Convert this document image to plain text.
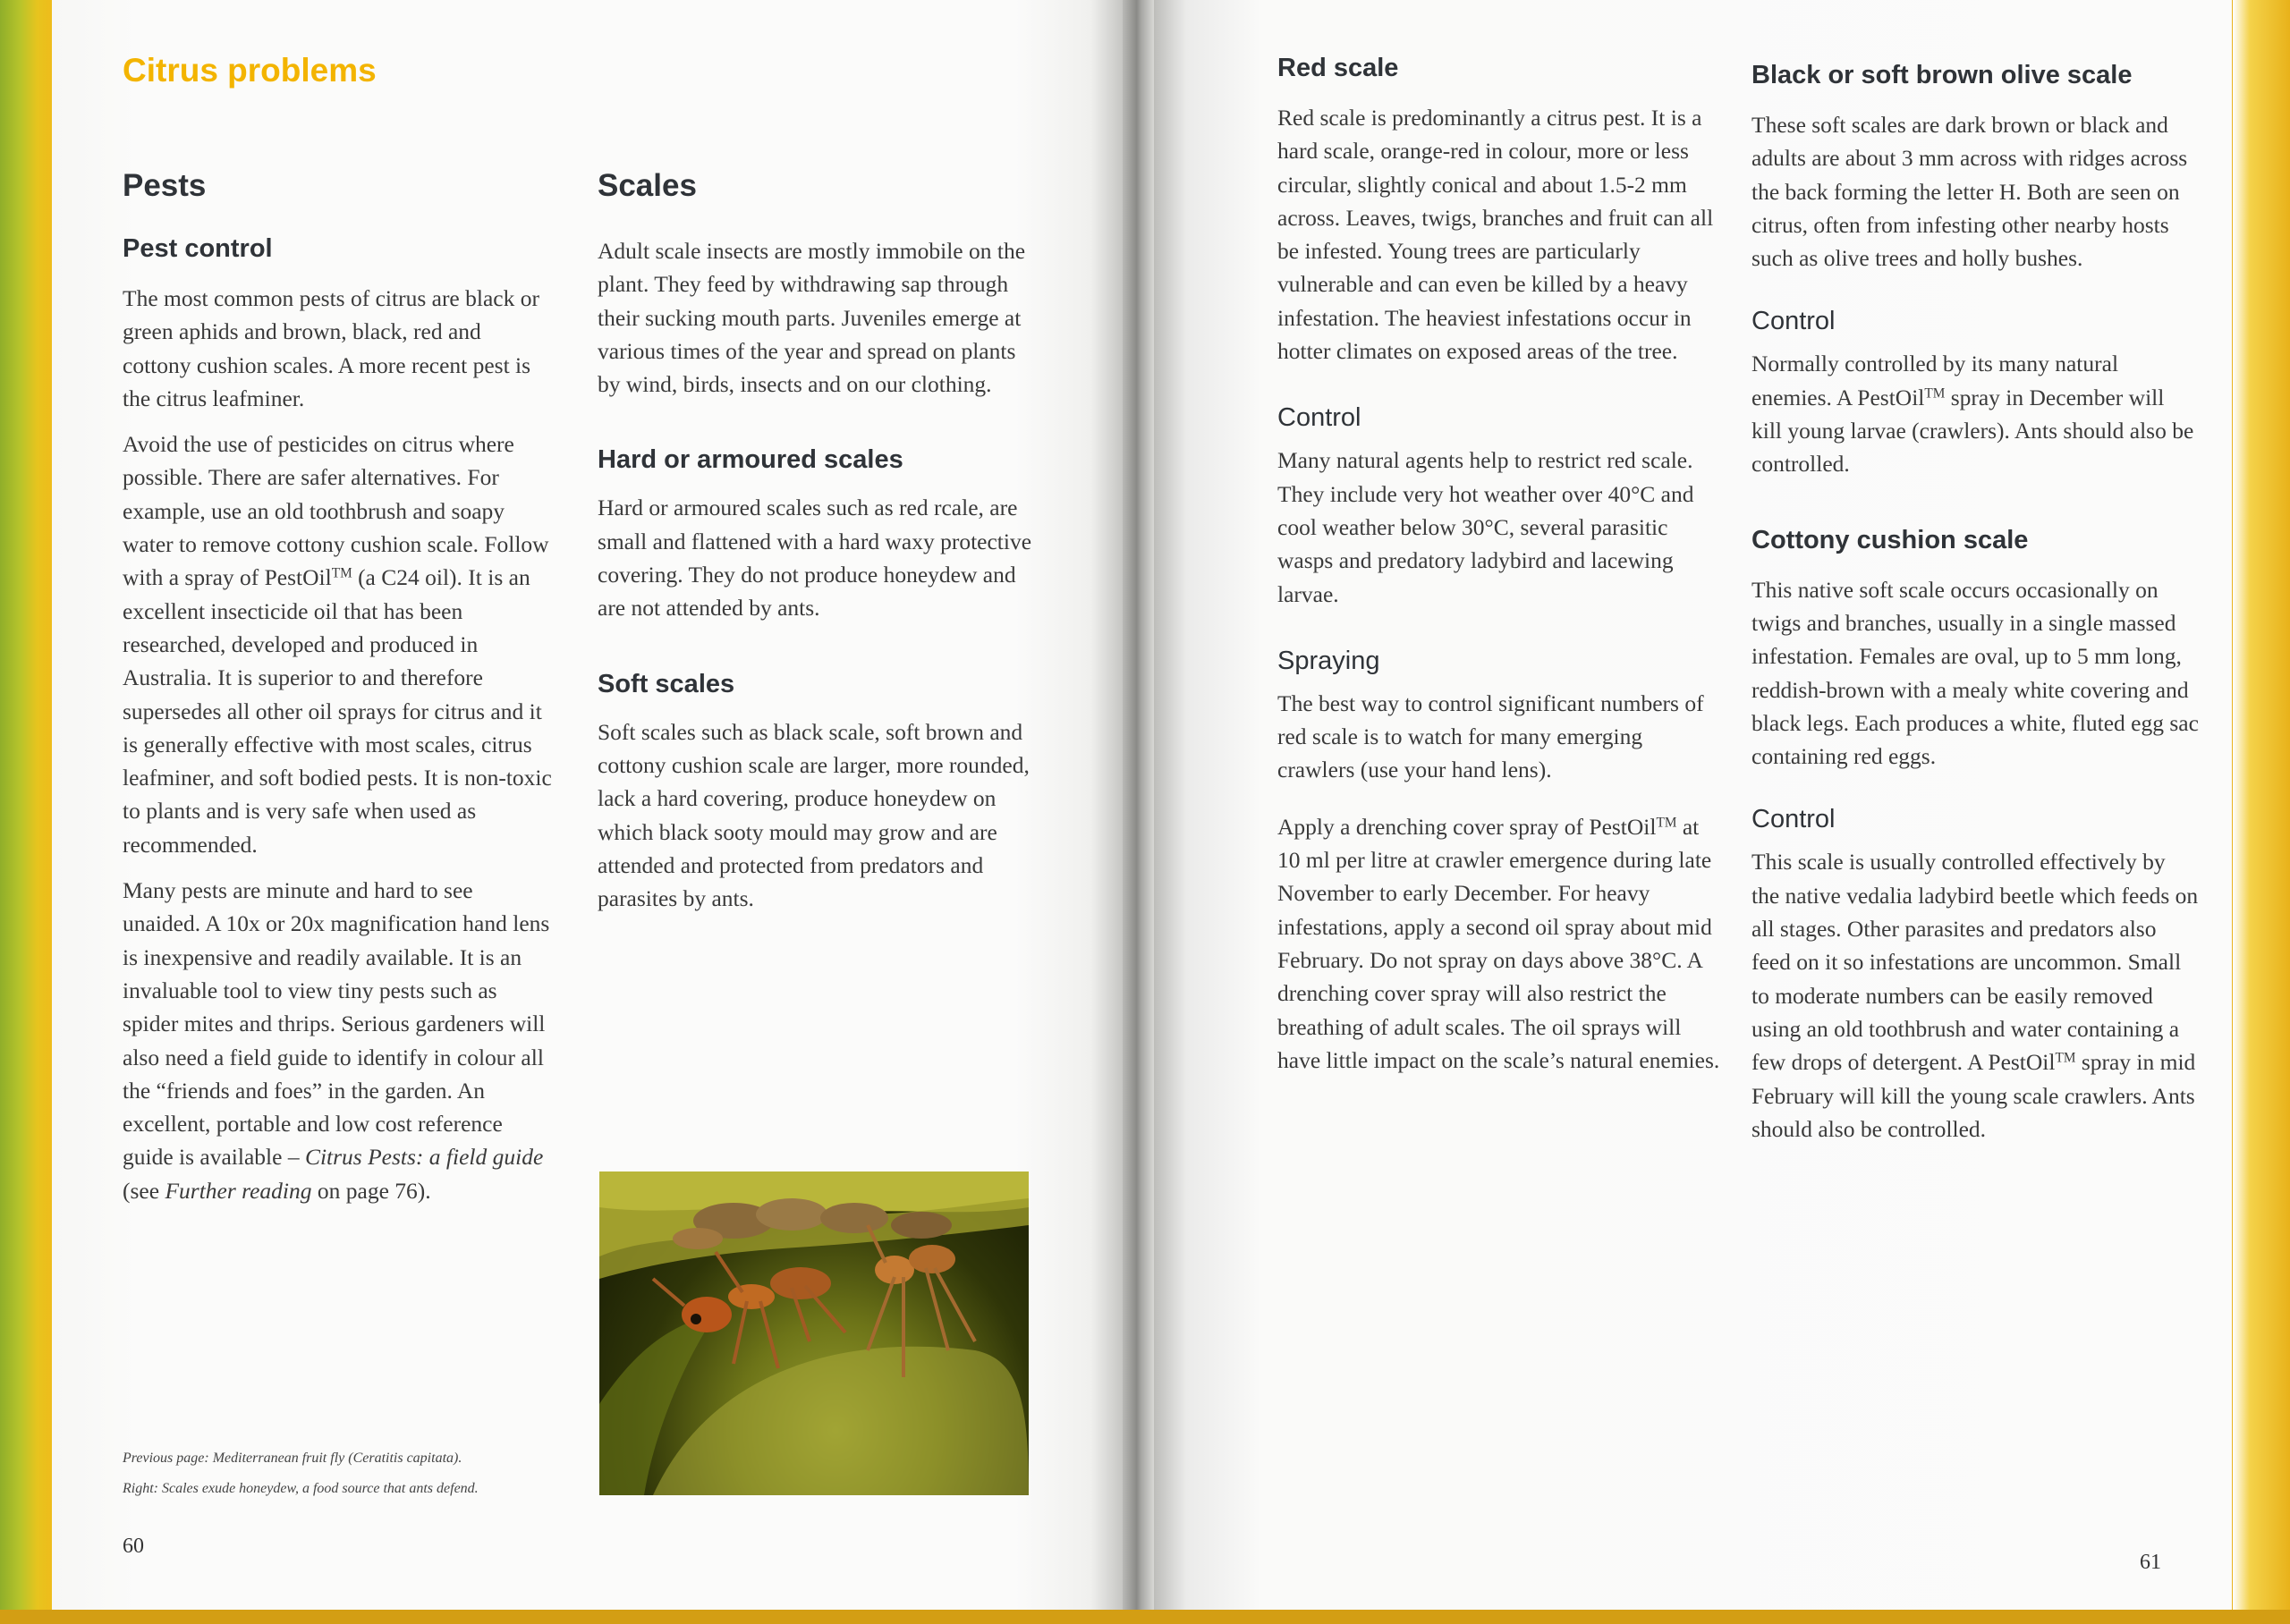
Citrus problems
Pests
Pest control

The most common pests of citrus are black or green aphids and brown, black, red and cottony cushion scales. A more recent pest is the citrus leafminer.

Avoid the use of pesticides on citrus where possible. There are safer alternatives. For example, use an old toothbrush and soapy water to remove cottony cushion scale. Follow with a spray of PestOil™ (a C24 oil). It is an excellent insecticide oil that has been researched, developed and produced in Australia. It is superior to and therefore supersedes all other oil sprays for citrus and it is generally effective with most scales, citrus leafminer, and soft bodied pests. It is non-toxic to plants and is very safe when used as recommended.

Many pests are minute and hard to see unaided. A 10x or 20x magnification hand lens is inexpensive and readily available. It is an invaluable tool to view tiny pests such as spider mites and thrips. Serious gardeners will also need a field guide to identify in colour all the “friends and foes” in the garden. An excellent, portable and low cost reference guide is available – Citrus Pests: a field guide (see Further reading on page 76).

Scales

Adult scale insects are mostly immobile on the plant. They feed by withdrawing sap through their sucking mouth parts. Juveniles emerge at various times of the year and spread on plants by wind, birds, insects and on our clothing.

Hard or armoured scales

Hard or armoured scales such as red rcale, are small and flattened with a hard waxy protective covering. They do not produce honeydew and are not attended by ants.

Soft scales

Soft scales such as black scale, soft brown and cottony cushion scale are larger, more rounded, lack a hard covering, produce honeydew on which black sooty mould may grow and are attended and protected from predators and parasites by ants.

Previous page: Mediterranean fruit fly (Ceratitis capitata).

Right: Scales exude honeydew, a food source that ants defend.

60
Red scale

Red scale is predominantly a citrus pest. It is a hard scale, orange-red in colour, more or less circular, slightly conical and about 1.5-2 mm across. Leaves, twigs, branches and fruit can all be infested. Young trees are particularly vulnerable and can even be killed by a heavy infestation. The heaviest infestations occur in hotter climates on exposed areas of the tree.

Control

Many natural agents help to restrict red scale. They include very hot weather over 40°C and cool weather below 30°C, several parasitic wasps and predatory ladybird and lacewing larvae.

Spraying

The best way to control significant numbers of red scale is to watch for many emerging crawlers (use your hand lens).

Apply a drenching cover spray of PestOil™ at 10 ml per litre at crawler emergence during late November to early December. For heavy infestations, apply a second oil spray about mid February. Do not spray on days above 38°C. A drenching cover spray will also restrict the breathing of adult scales. The oil sprays will have little impact on the scale’s natural enemies.

Black or soft brown olive scale

These soft scales are dark brown or black and adults are about 3 mm across with ridges across the back forming the letter H. Both are seen on citrus, often from infesting other nearby hosts such as olive trees and holly bushes.

Control

Normally controlled by its many natural enemies. A PestOil™ spray in December will kill young larvae (crawlers). Ants should also be controlled.

Cottony cushion scale

This native soft scale occurs occasionally on twigs and branches, usually in a single massed infestation. Females are oval, up to 5 mm long, reddish-brown with a mealy white covering and black legs. Each produces a white, fluted egg sac containing red eggs.

Control

This scale is usually controlled effectively by the native vedalia ladybird beetle which feeds on all stages. Other parasites and predators also feed on it so infestations are uncommon. Small to moderate numbers can be easily removed using an old toothbrush and water containing a few drops of detergent. A PestOil™ spray in mid February will kill the young scale crawlers. Ants should also be controlled.

61
